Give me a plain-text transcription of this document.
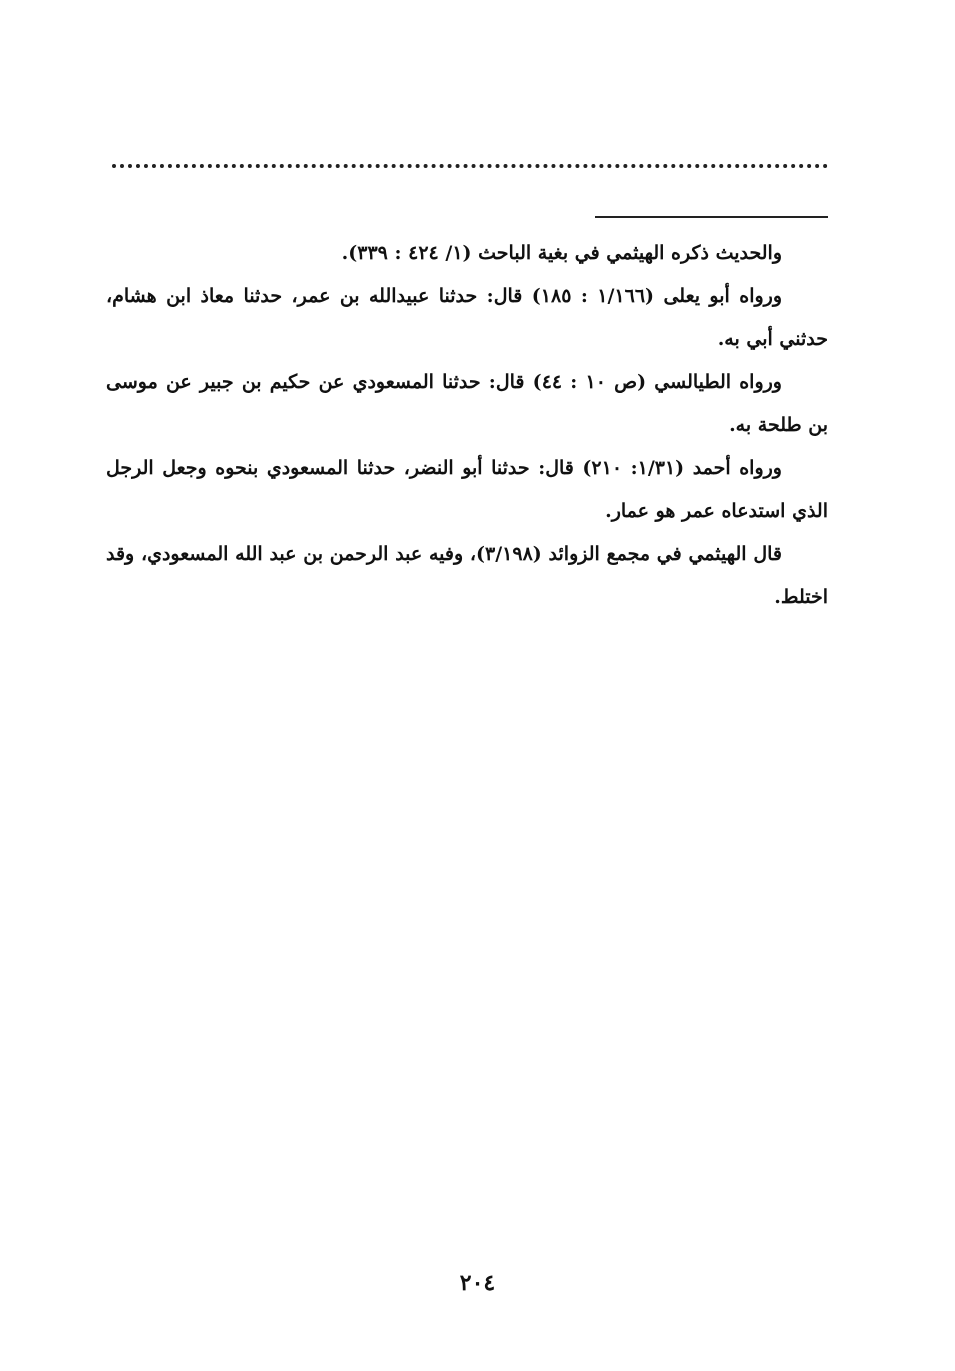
والحديث ذكره الهيثمي في بغية الباحث (١/ ٤٢٤ : ٣٣٩).

ورواه أبو يعلى (١/١٦٦ : ١٨٥) قال: حدثنا عبيدالله بن عمر، حدثنا معاذ ابن هشام، حدثني أبي به.

ورواه الطيالسي (ص ١٠ : ٤٤) قال: حدثنا المسعودي عن حكيم بن جبير عن موسى بن طلحة به.

ورواه أحمد (١/٣١: ٢١٠) قال: حدثنا أبو النضر، حدثنا المسعودي بنحوه وجعل الرجل الذي استدعاه عمر هو عمار.

قال الهيثمي في مجمع الزوائد (٣/١٩٨)، وفيه عبد الرحمن بن عبد الله المسعودي، وقد اختلط.

٢٠٤
